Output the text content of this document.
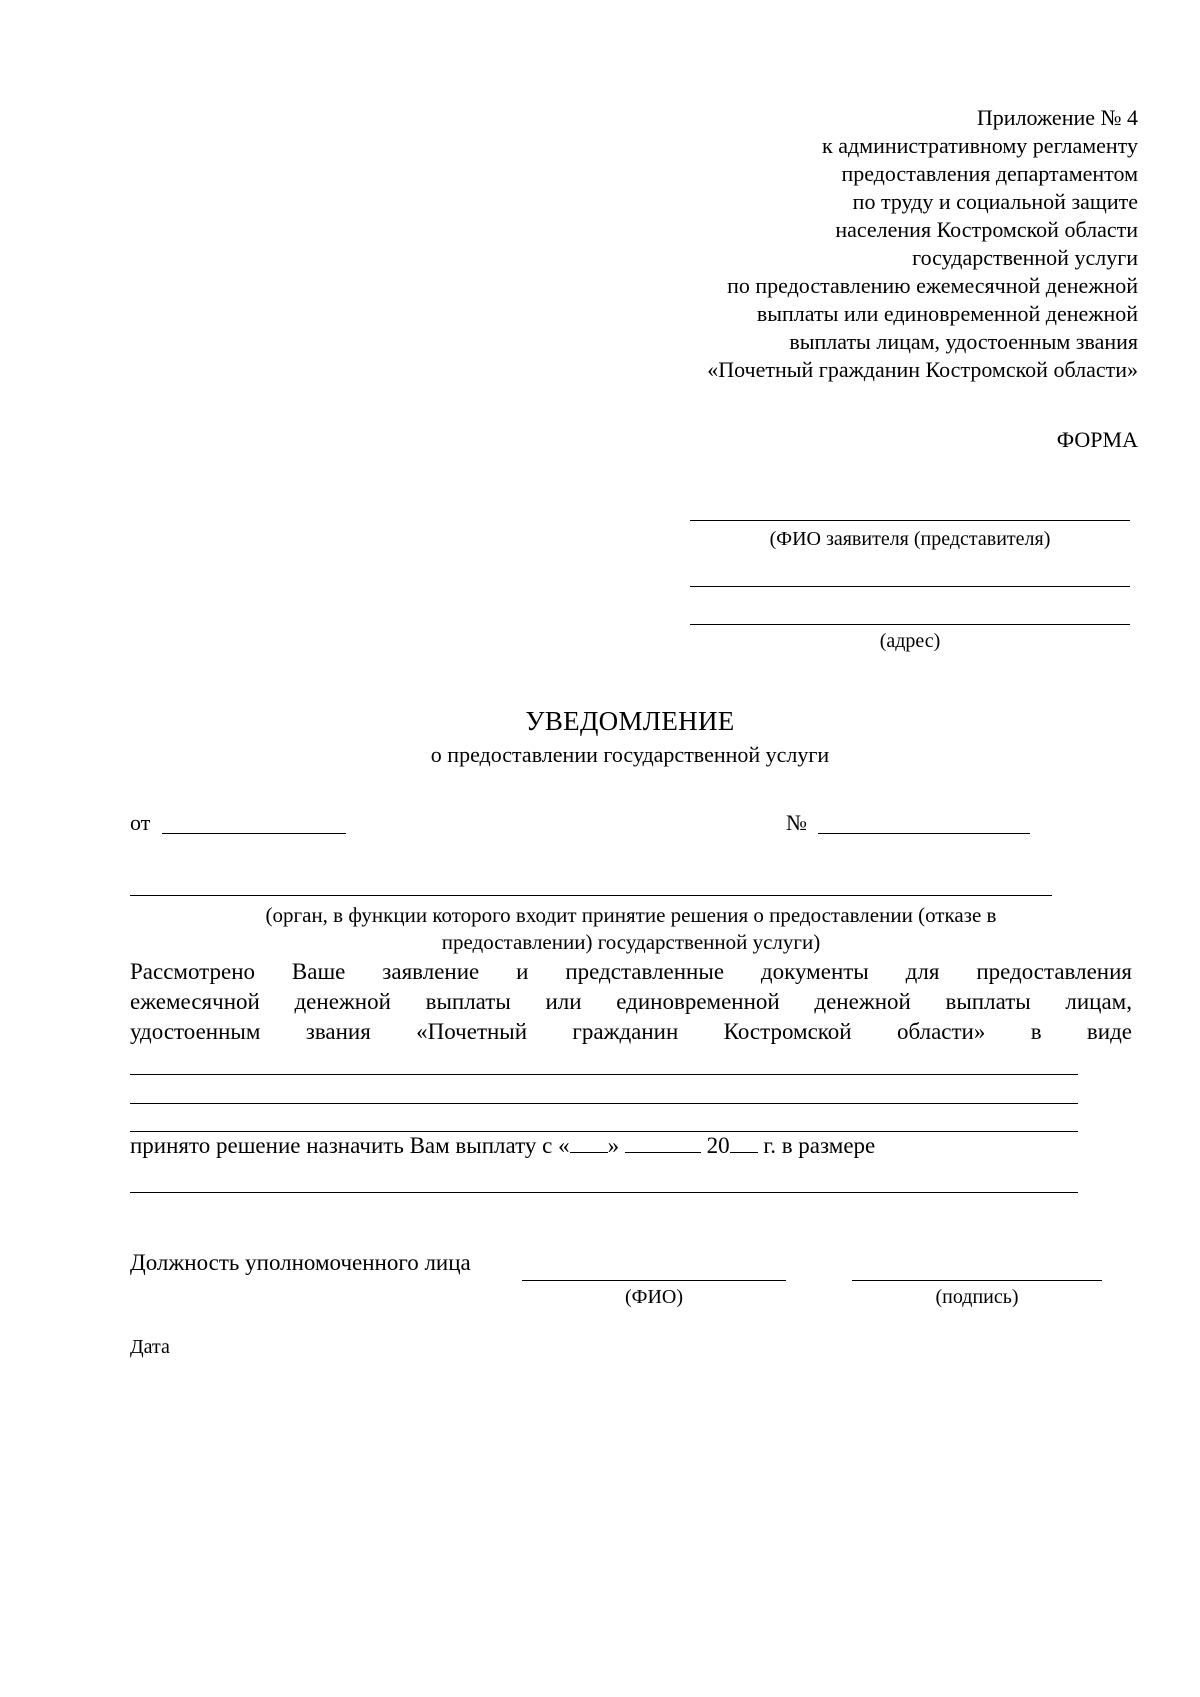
Приложение № 4
к административному регламенту
предоставления департаментом
по труду и социальной защите
населения Костромской области
государственной услуги
по предоставлению ежемесячной денежной
выплаты или единовременной денежной
выплаты лицам, удостоенным звания
«Почетный гражданин Костромской области»
ФОРМА
(ФИО заявителя (представителя)
(адрес)
УВЕДОМЛЕНИЕ
о предоставлении государственной услуги
от	№
(орган, в функции которого входит принятие решения о предоставлении (отказе в
предоставлении) государственной услуги)
Рассмотрено Ваше заявление и представленные документы для предоставления
ежемесячной денежной выплаты или единовременной денежной выплаты лицам,
удостоенным звания «Почетный гражданин Костромской области» в виде
принято решение назначить Вам выплату с « »	20 г. в размере
Должность уполномоченного лица
(ФИО)	(подпись)
Дата
